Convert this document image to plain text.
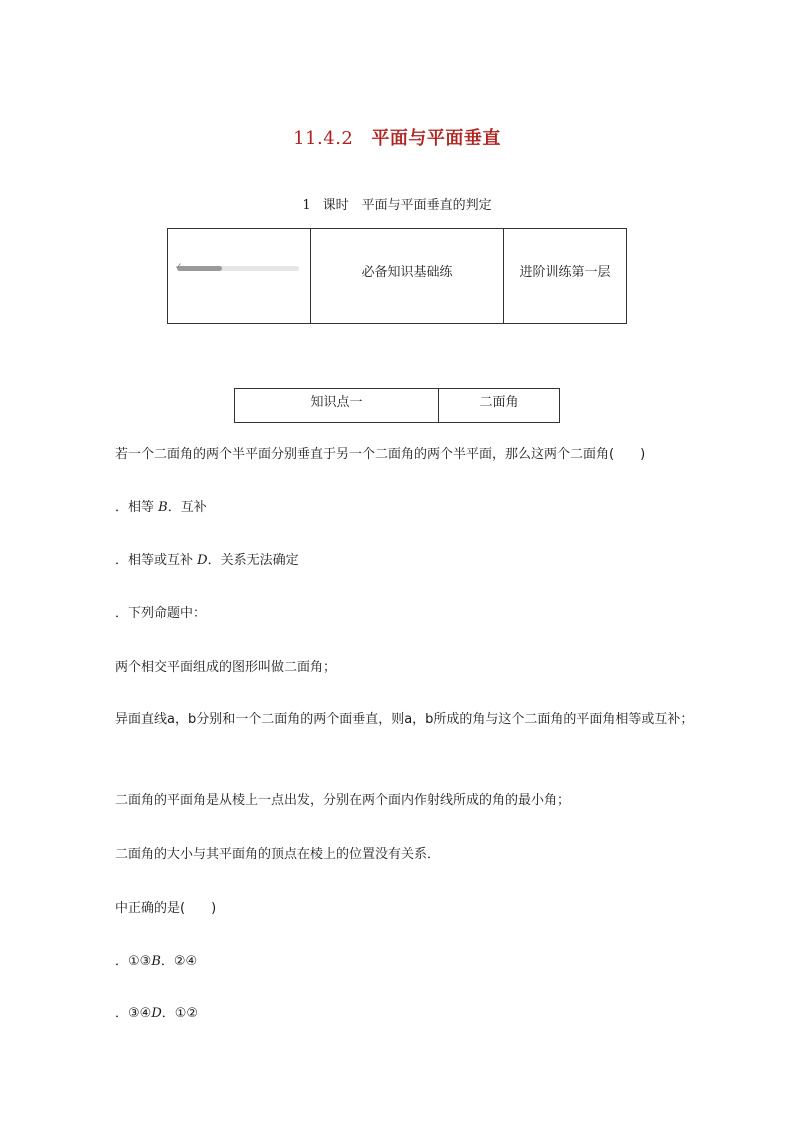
11.4.2 平面与平面垂直
1 课时　平面与平面垂直的判定
✓	必备知识基础练	进阶训练第一层
知识点一	二面角
若一个二面角的两个半平面分别垂直于另一个二面角的两个半平面，那么这两个二面角(　　)
．相等 B．互补
．相等或互补 D．关系无法确定
．下列命题中：
两个相交平面组成的图形叫做二面角；
异面直线a，b分别和一个二面角的两个面垂直，则a，b所成的角与这个二面角的平面角相等或互补；
二面角的平面角是从棱上一点出发，分别在两个面内作射线所成的角的最小角；
二面角的大小与其平面角的顶点在棱上的位置没有关系．
中正确的是(　　)
．①③B．②④
．③④D．①②
